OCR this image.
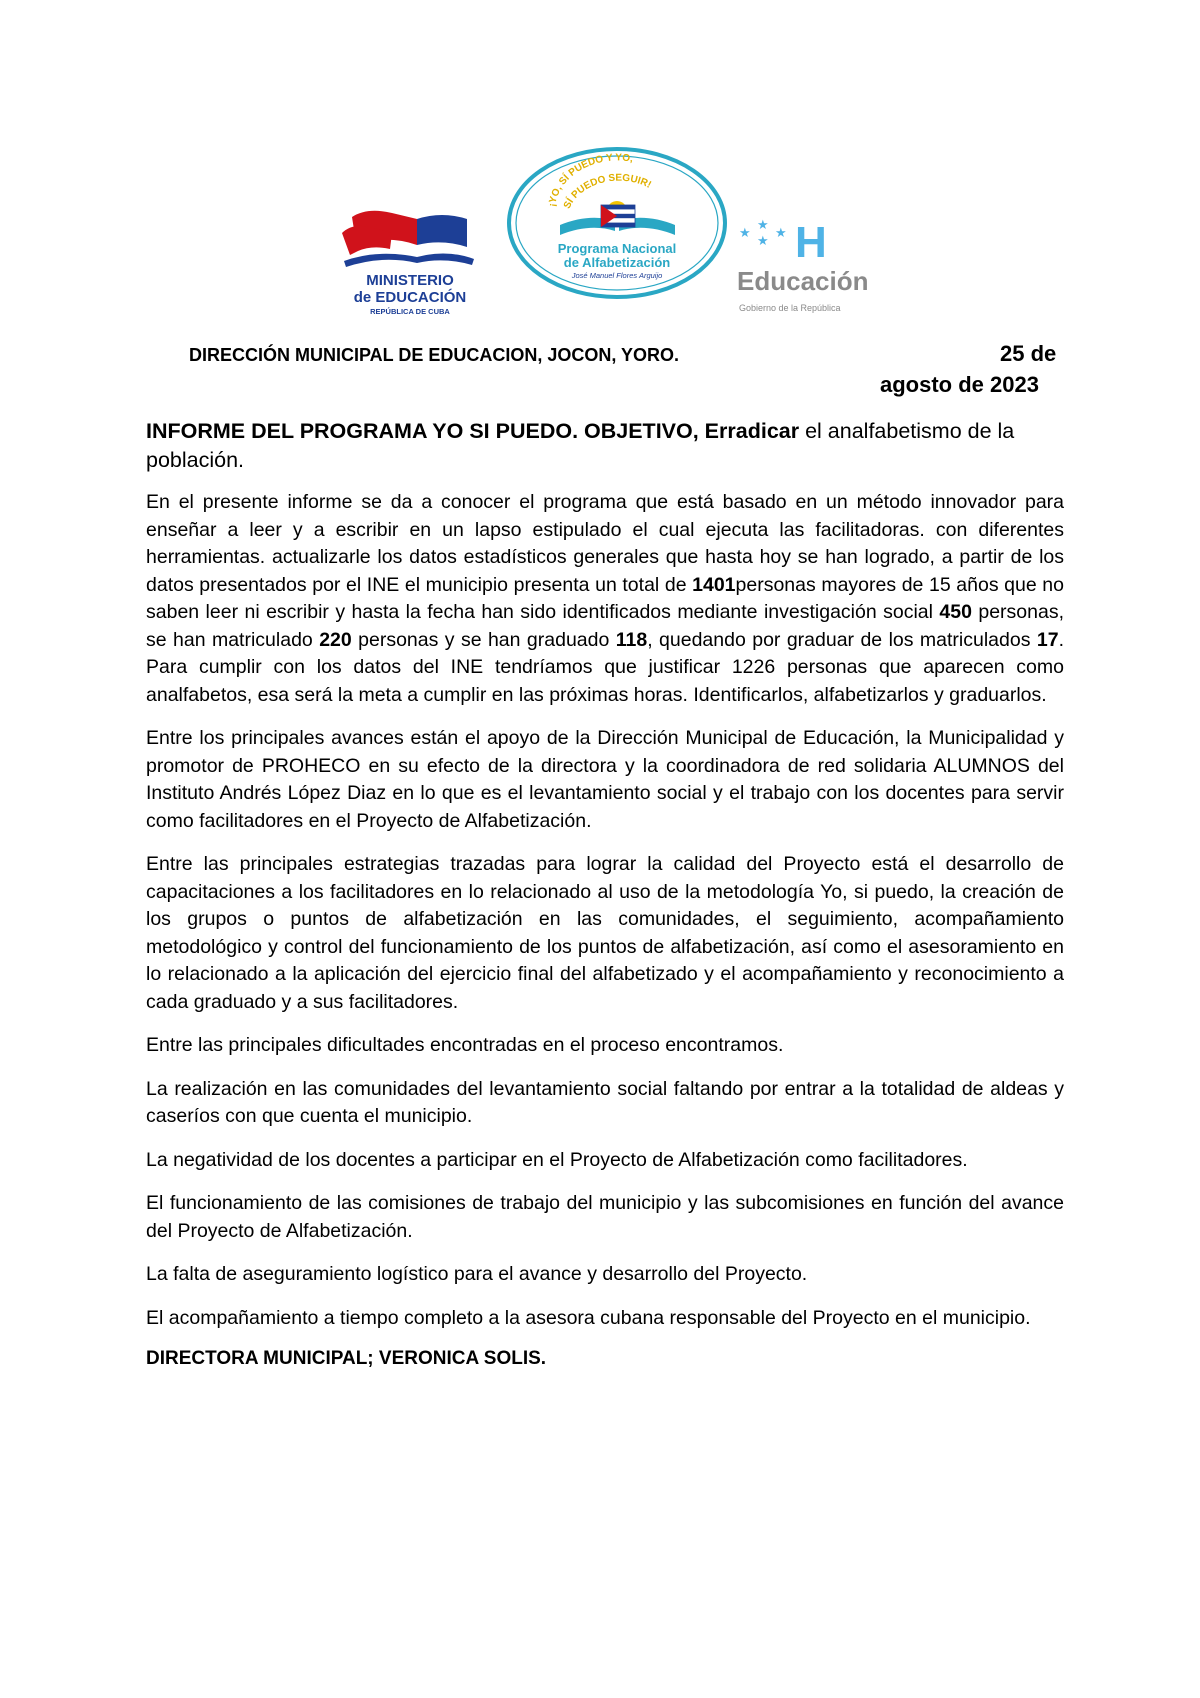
MINISTERIO
de EDUCACIÓN
REPÚBLICA DE CUBA
¡YO, SÍ PUEDO Y YO,
SÍ PUEDO SEGUIR!
Programa Nacional
de Alfabetización
José Manuel Flores Arguijo
★
★
★
★ H
Educación
Gobierno de la República
DIRECCIÓN MUNICIPAL DE EDUCACION, JOCON, YORO.	25 de
agosto de 2023
INFORME DEL PROGRAMA YO SI PUEDO. OBJETIVO, Erradicar el analfabetismo de la población.

En el presente informe se da a conocer el programa que está basado en un método innovador para enseñar a leer y a escribir en un lapso estipulado el cual ejecuta las facilitadoras. con diferentes herramientas. actualizarle los datos estadísticos generales que hasta hoy se han logrado, a partir de los datos presentados por el INE el municipio presenta un total de 1401personas mayores de 15 años que no saben leer ni escribir y hasta la fecha han sido identificados mediante investigación social 450 personas, se han matriculado 220 personas y se han graduado 118, quedando por graduar de los matriculados 17. Para cumplir con los datos del INE tendríamos que justificar 1226 personas que aparecen como analfabetos, esa será la meta a cumplir en las próximas horas. Identificarlos, alfabetizarlos y graduarlos.

Entre los principales avances están el apoyo de la Dirección Municipal de Educación, la Municipalidad y promotor de PROHECO en su efecto de la directora y la coordinadora de red solidaria ALUMNOS del Instituto Andrés López Diaz en lo que es el levantamiento social y el trabajo con los docentes para servir como facilitadores en el Proyecto de Alfabetización.

Entre las principales estrategias trazadas para lograr la calidad del Proyecto está el desarrollo de capacitaciones a los facilitadores en lo relacionado al uso de la metodología Yo, si puedo, la creación de los grupos o puntos de alfabetización en las comunidades, el seguimiento, acompañamiento metodológico y control del funcionamiento de los puntos de alfabetización, así como el asesoramiento en lo relacionado a la aplicación del ejercicio final del alfabetizado y el acompañamiento y reconocimiento a cada graduado y a sus facilitadores.

Entre las principales dificultades encontradas en el proceso encontramos.

La realización en las comunidades del levantamiento social faltando por entrar a la totalidad de aldeas y caseríos con que cuenta el municipio.

La negatividad de los docentes a participar en el Proyecto de Alfabetización como facilitadores.

El funcionamiento de las comisiones de trabajo del municipio y las subcomisiones en función del avance del Proyecto de Alfabetización.

La falta de aseguramiento logístico para el avance y desarrollo del Proyecto.

El acompañamiento a tiempo completo a la asesora cubana responsable del Proyecto en el municipio.

DIRECTORA MUNICIPAL; VERONICA SOLIS.
